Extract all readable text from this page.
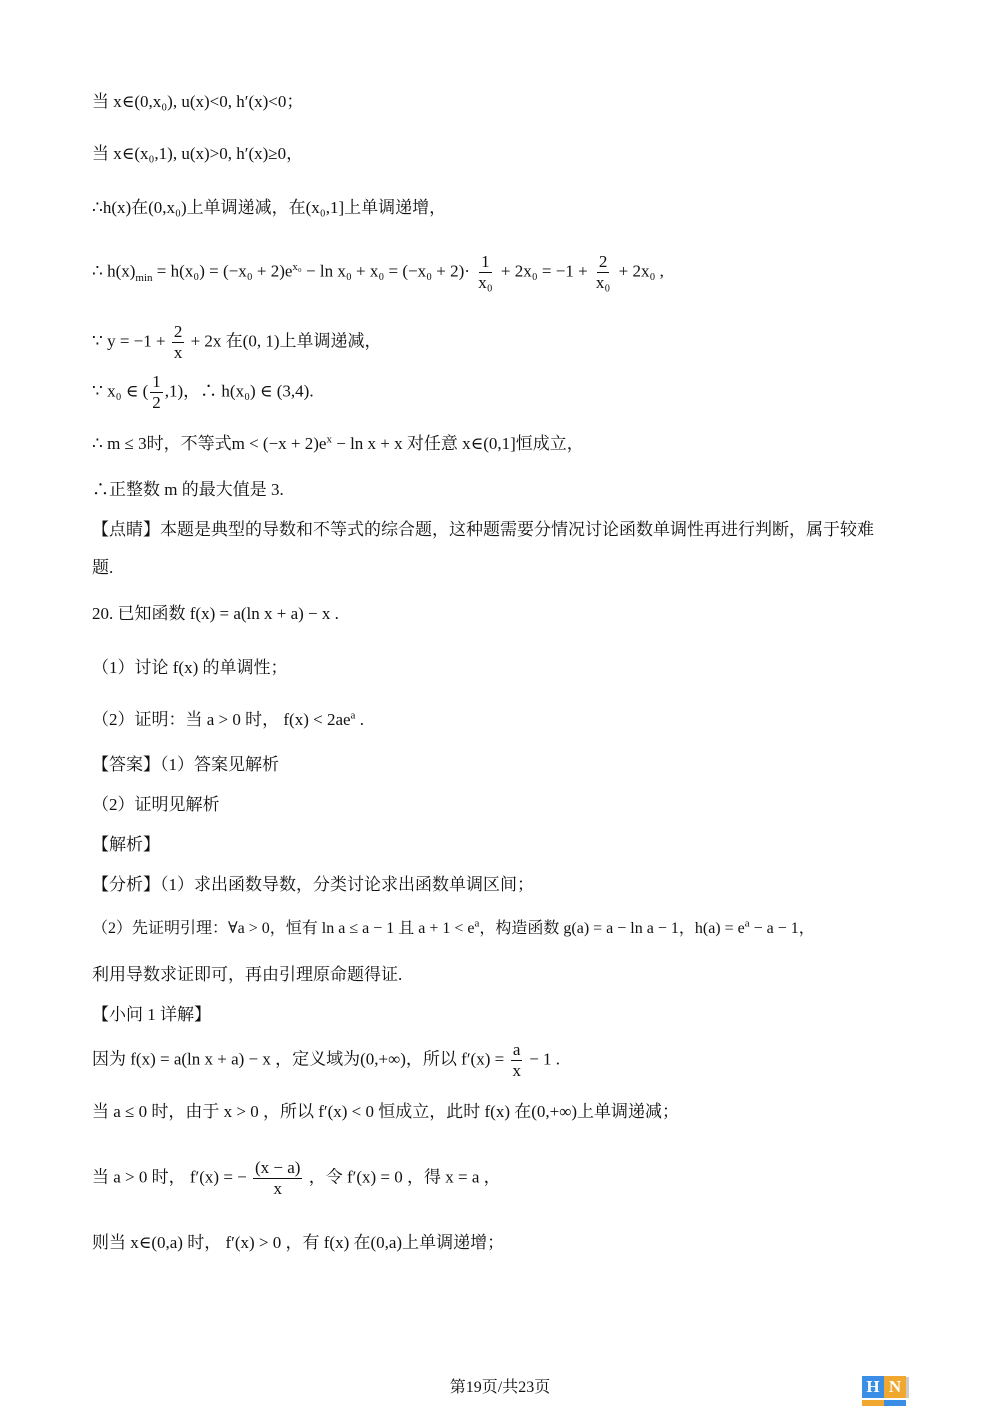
当 x∈(0,x₀), u(x)<0, h′(x)<0；
当 x∈(x₀,1), u(x)>0, h′(x)≥0，
∴h(x)在(0,x₀)上单调递减，在(x₀,1]上单调递增，
∴ $h(x)_{min} = h(x_0) = (-x_0 + 2)e^{x_0} - \ln x_0 + x_0 = (-x_0 + 2)\cdot \frac{1}{\text{x₀}} + 2x_0 = -1 + \frac{2}{\text{x₀}} + 2x_0$ ,
∵ $y = -1 + \frac{2}{x} + 2x$ 在(0, 1)上单调递减，
∵ x₀ ∈ ( $\frac{1}{2} ,1$)，∴ h(x₀) ∈ (3,4).
∴ m ≤ 3时，不等式$m < (-x + 2)e^x - \ln x + x$ 对任意 x∈(0,1]恒成立，
∴正整数 m 的最大值是 3.
【点睛】本题是典型的导数和不等式的综合题，这种题需要分情况讨论函数单调性再进行判断，属于较难
题.
20. 已知函数 f(x) = a(ln x + a) − x .
（1）讨论 f(x) 的单调性；
（2）证明：当 a > 0 时， $f(x) < 2ae^a$ .
【答案】（1）答案见解析
（2）证明见解析
【解析】
【分析】（1）求出函数导数，分类讨论求出函数单调区间；
（2）先证明引理：∀a > 0，恒有 ln a ≤ a − 1 且 $a + 1 < e^a$，构造函数 g(a) = a − ln a − 1，$h(a) = e^a - a - 1$，
利用导数求证即可，再由引理原命题得证.
【小问 1 详解】
因为 f(x) = a(ln x + a) − x ，定义域为(0,+∞)，所以 $f'(x) = \frac{a}{x} - 1$ .
当 a ≤ 0 时，由于 x > 0 ，所以 f′(x) < 0 恒成立，此时 f(x) 在(0,+∞)上单调递减；
当 a > 0 时， f′(x) = − $\frac{(x - a)}{x}$ ，令 f′(x) = 0 ，得 x = a ，
则当 x∈(0,a) 时， f′(x) > 0 ，有 f(x) 在(0,a)上单调递增；
第19页/共23页	H N
